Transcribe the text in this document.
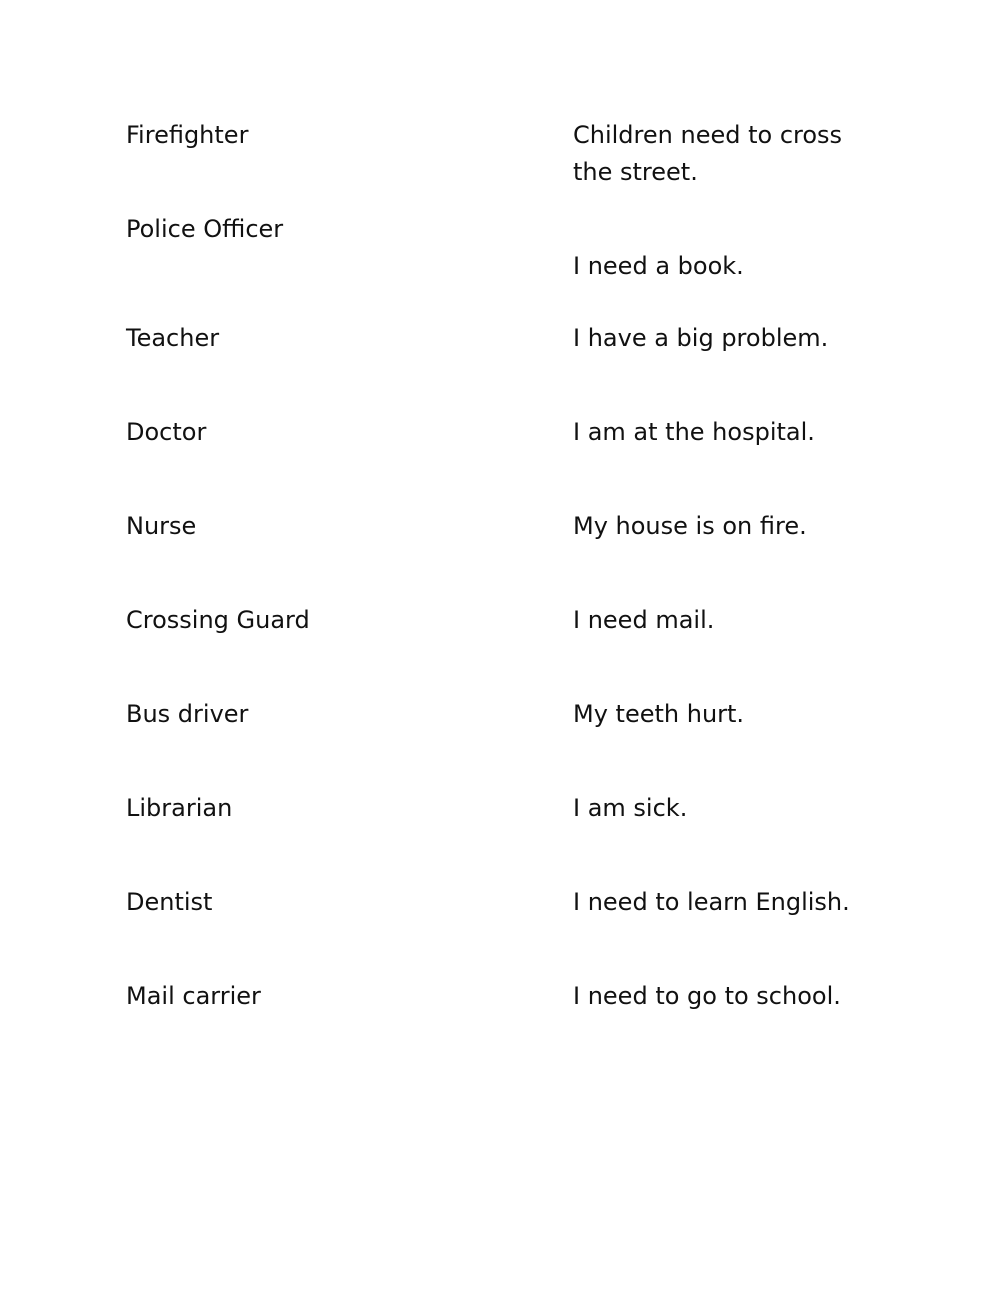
Firefighter
Police Officer
Teacher
Doctor
Nurse
Crossing Guard
Bus driver
Librarian
Dentist
Mail carrier
Children need to cross the street.
I need a book.
I have a big problem.
I am at the hospital.
My house is on fire.
I need mail.
My teeth hurt.
I am sick.
I need to learn English.
I need to go to school.
